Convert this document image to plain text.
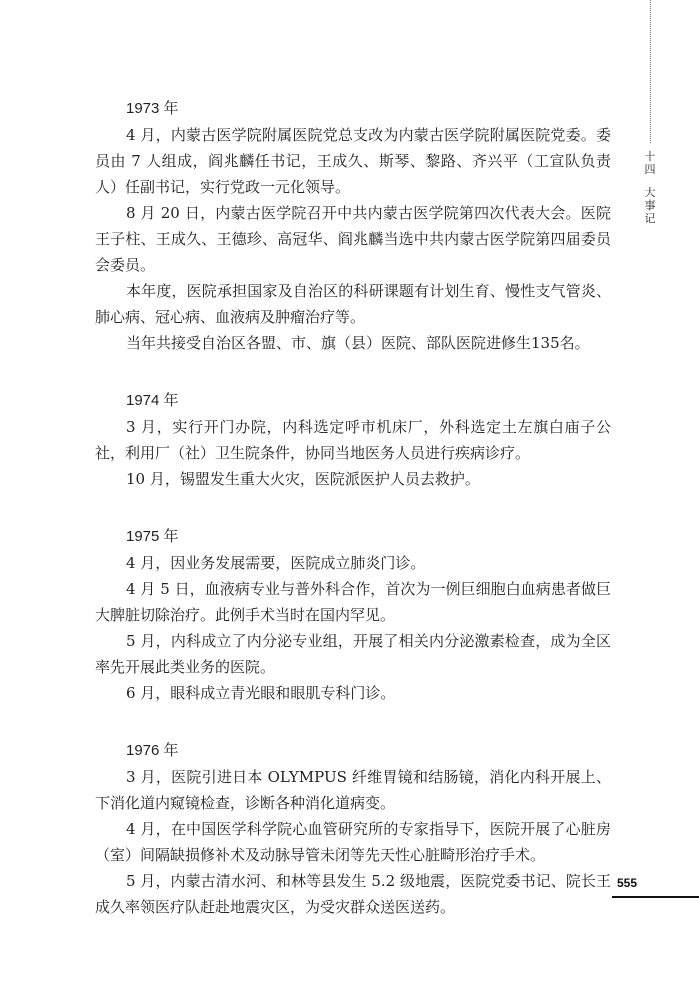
十四
大
事
记
1973 年

4 月，内蒙古医学院附属医院党总支改为内蒙古医学院附属医院党委。委员由 7 人组成，阎兆麟任书记，王成久、斯琴、黎路、齐兴平（工宣队负责人）任副书记，实行党政一元化领导。

8 月 20 日，内蒙古医学院召开中共内蒙古医学院第四次代表大会。医院王子柱、王成久、王德珍、高冠华、阎兆麟当选中共内蒙古医学院第四届委员会委员。

本年度，医院承担国家及自治区的科研课题有计划生育、慢性支气管炎、肺心病、冠心病、血液病及肿瘤治疗等。

当年共接受自治区各盟、市、旗（县）医院、部队医院进修生135名。

1974 年

3 月，实行开门办院，内科选定呼市机床厂，外科选定土左旗白庙子公社，利用厂（社）卫生院条件，协同当地医务人员进行疾病诊疗。

10 月，锡盟发生重大火灾，医院派医护人员去救护。

1975 年

4 月，因业务发展需要，医院成立肺炎门诊。

4 月 5 日，血液病专业与普外科合作，首次为一例巨细胞白血病患者做巨大脾脏切除治疗。此例手术当时在国内罕见。

5 月，内科成立了内分泌专业组，开展了相关内分泌激素检查，成为全区率先开展此类业务的医院。

6 月，眼科成立青光眼和眼肌专科门诊。

1976 年

3 月，医院引进日本 OLYMPUS 纤维胃镜和结肠镜，消化内科开展上、下消化道内窥镜检查，诊断各种消化道病变。

4 月，在中国医学科学院心血管研究所的专家指导下，医院开展了心脏房（室）间隔缺损修补术及动脉导管未闭等先天性心脏畸形治疗手术。

5 月，内蒙古清水河、和林等县发生 5.2 级地震，医院党委书记、院长王成久率领医疗队赶赴地震灾区，为受灾群众送医送药。

555
